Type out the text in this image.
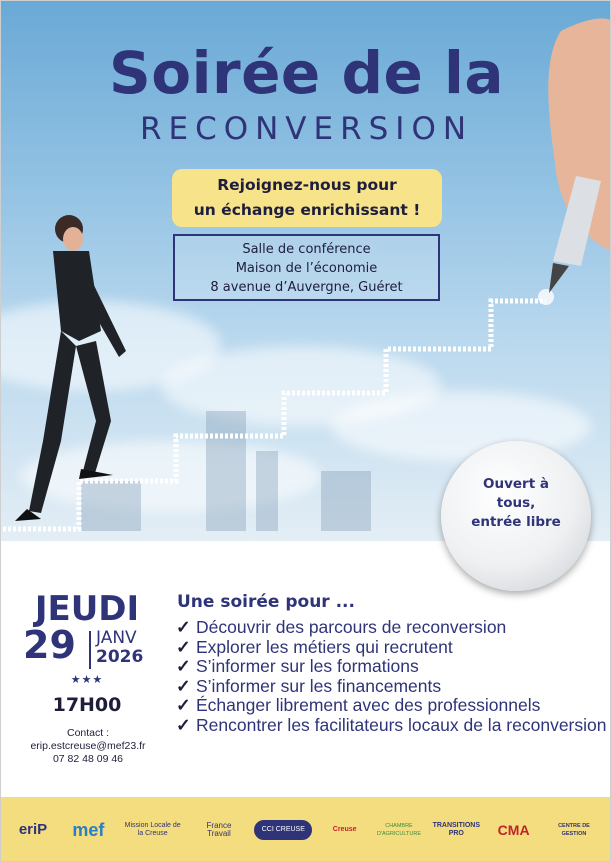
Soirée de la
RECONVERSION
Rejoignez-nous pour
un échange enrichissant !
Salle de conférence
Maison de l’économie
8 avenue d’Auvergne, Guéret
Ouvert à
tous,
entrée libre
JEUDI
29 JANV
2026
★★★
17H00
Contact :
erip.estcreuse@mef23.fr
07 82 48 09 46
Une soirée pour ...
✓ Découvrir des parcours de reconversion
✓ Explorer les métiers qui recrutent
✓ S’informer sur les formations
✓ S’informer sur les financements
✓ Échanger librement avec des professionnels
✓ Rencontrer les facilitateurs locaux de la reconversion
eriP mef	Mission Locale de la Creuse
France Travail	CCI CREUSE	Creuse	CHAMBRE D'AGRICULTURE
TRANSITIONS PRO	CMA	CENTRE DE GESTION
